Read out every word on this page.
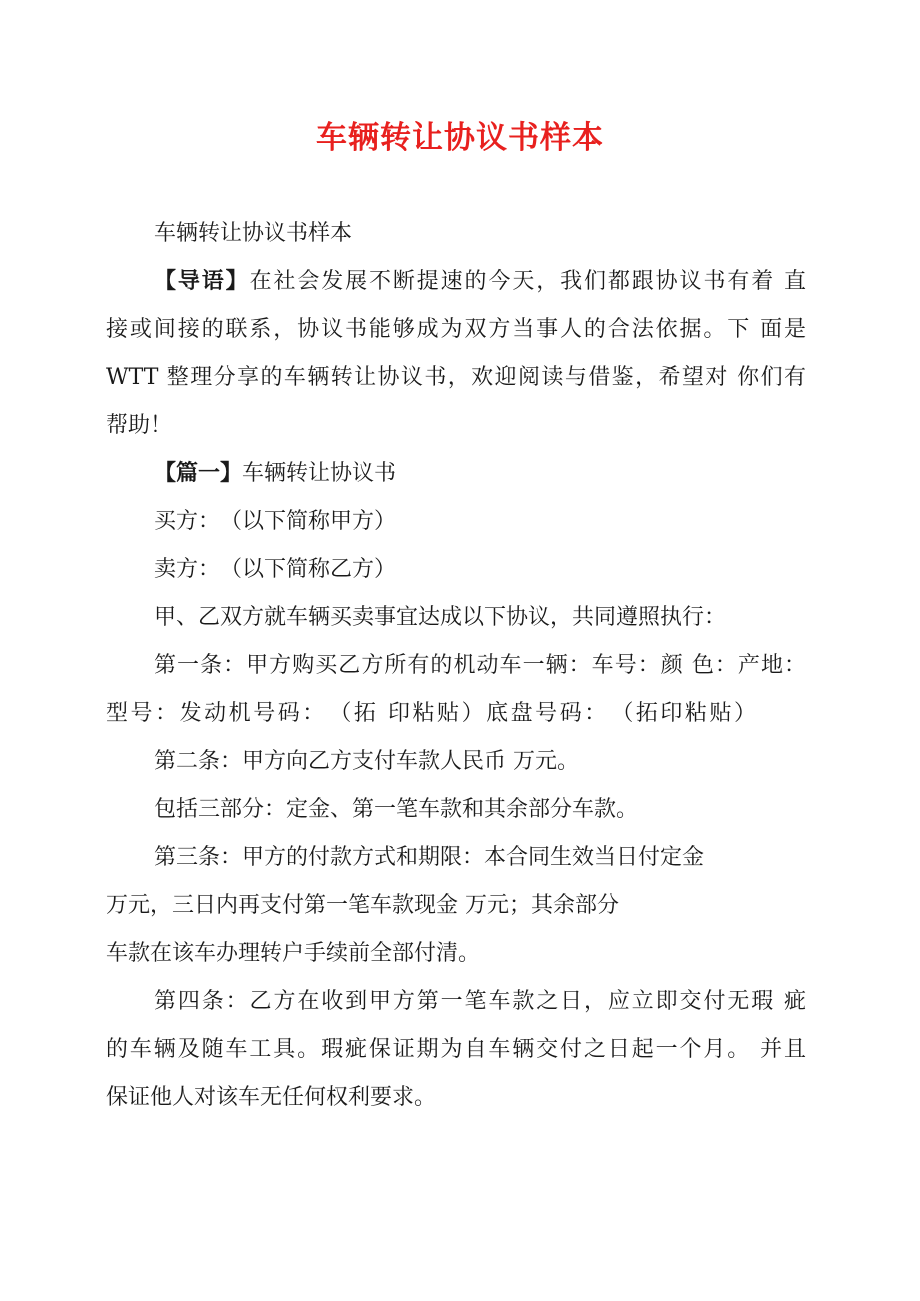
车辆转让协议书样本

车辆转让协议书样本

【导语】在社会发展不断提速的今天，我们都跟协议书有着 直

接或间接的联系，协议书能够成为双方当事人的合法依据。下 面是

WTT 整理分享的车辆转让协议书，欢迎阅读与借鉴，希望对 你们有

帮助！

【篇一】车辆转让协议书

买方：　（以下简称甲方）

卖方：　（以下简称乙方）

甲、乙双方就车辆买卖事宜达成以下协议，共同遵照执行：

第一条：甲方购买乙方所有的机动车一辆：车号：颜 色：产地：

型号：发动机号码：　（拓 印粘贴）底盘号码：　（拓印粘贴）

第二条：甲方向乙方支付车款人民币 万元。

包括三部分：定金、第一笔车款和其余部分车款。

第三条：甲方的付款方式和期限：本合同生效当日付定金

万元，三日内再支付第一笔车款现金 万元；其余部分

车款在该车办理转户手续前全部付清。

第四条：乙方在收到甲方第一笔车款之日，应立即交付无瑕 疵

的车辆及随车工具。瑕疵保证期为自车辆交付之日起一个月。 并且

保证他人对该车无任何权利要求。
